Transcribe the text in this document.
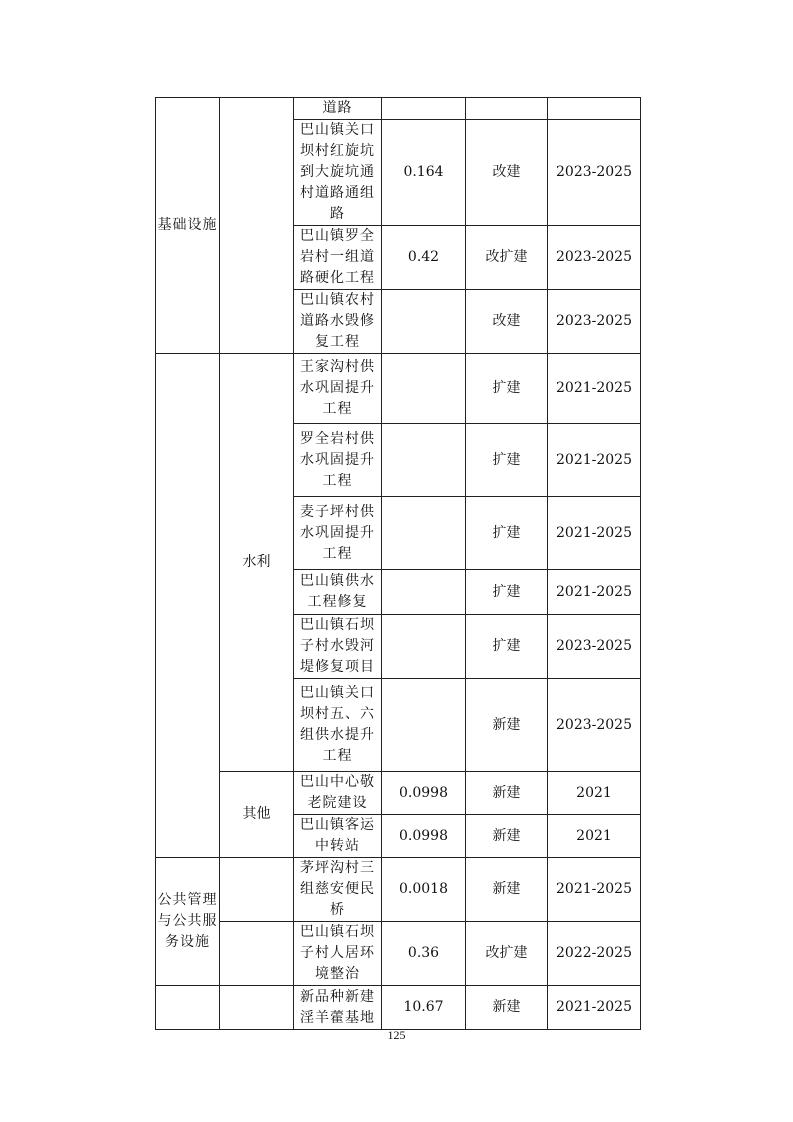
基础设施		道路			
		巴山镇关口坝村红旋坑到大旋坑通村道路通组路	0.164	改建	2023-2025
		巴山镇罗全岩村一组道路硬化工程	0.42	改扩建	2023-2025
		巴山镇农村道路水毁修复工程		改建	2023-2025
	水利	王家沟村供水巩固提升工程		扩建	2021-2025
		罗全岩村供水巩固提升工程		扩建	2021-2025
		麦子坪村供水巩固提升工程		扩建	2021-2025
		巴山镇供水工程修复		扩建	2021-2025
		巴山镇石坝子村水毁河堤修复项目		扩建	2023-2025
		巴山镇关口坝村五、六组供水提升工程		新建	2023-2025
	其他	巴山中心敬老院建设	0.0998	新建	2021
		巴山镇客运中转站	0.0998	新建	2021
公共管理与公共服务设施		茅坪沟村三组慈安便民桥	0.0018	新建	2021-2025
		巴山镇石坝子村人居环境整治	0.36	改扩建	2022-2025
		新品种新建淫羊藿基地	10.67	新建	2021-2025
125
